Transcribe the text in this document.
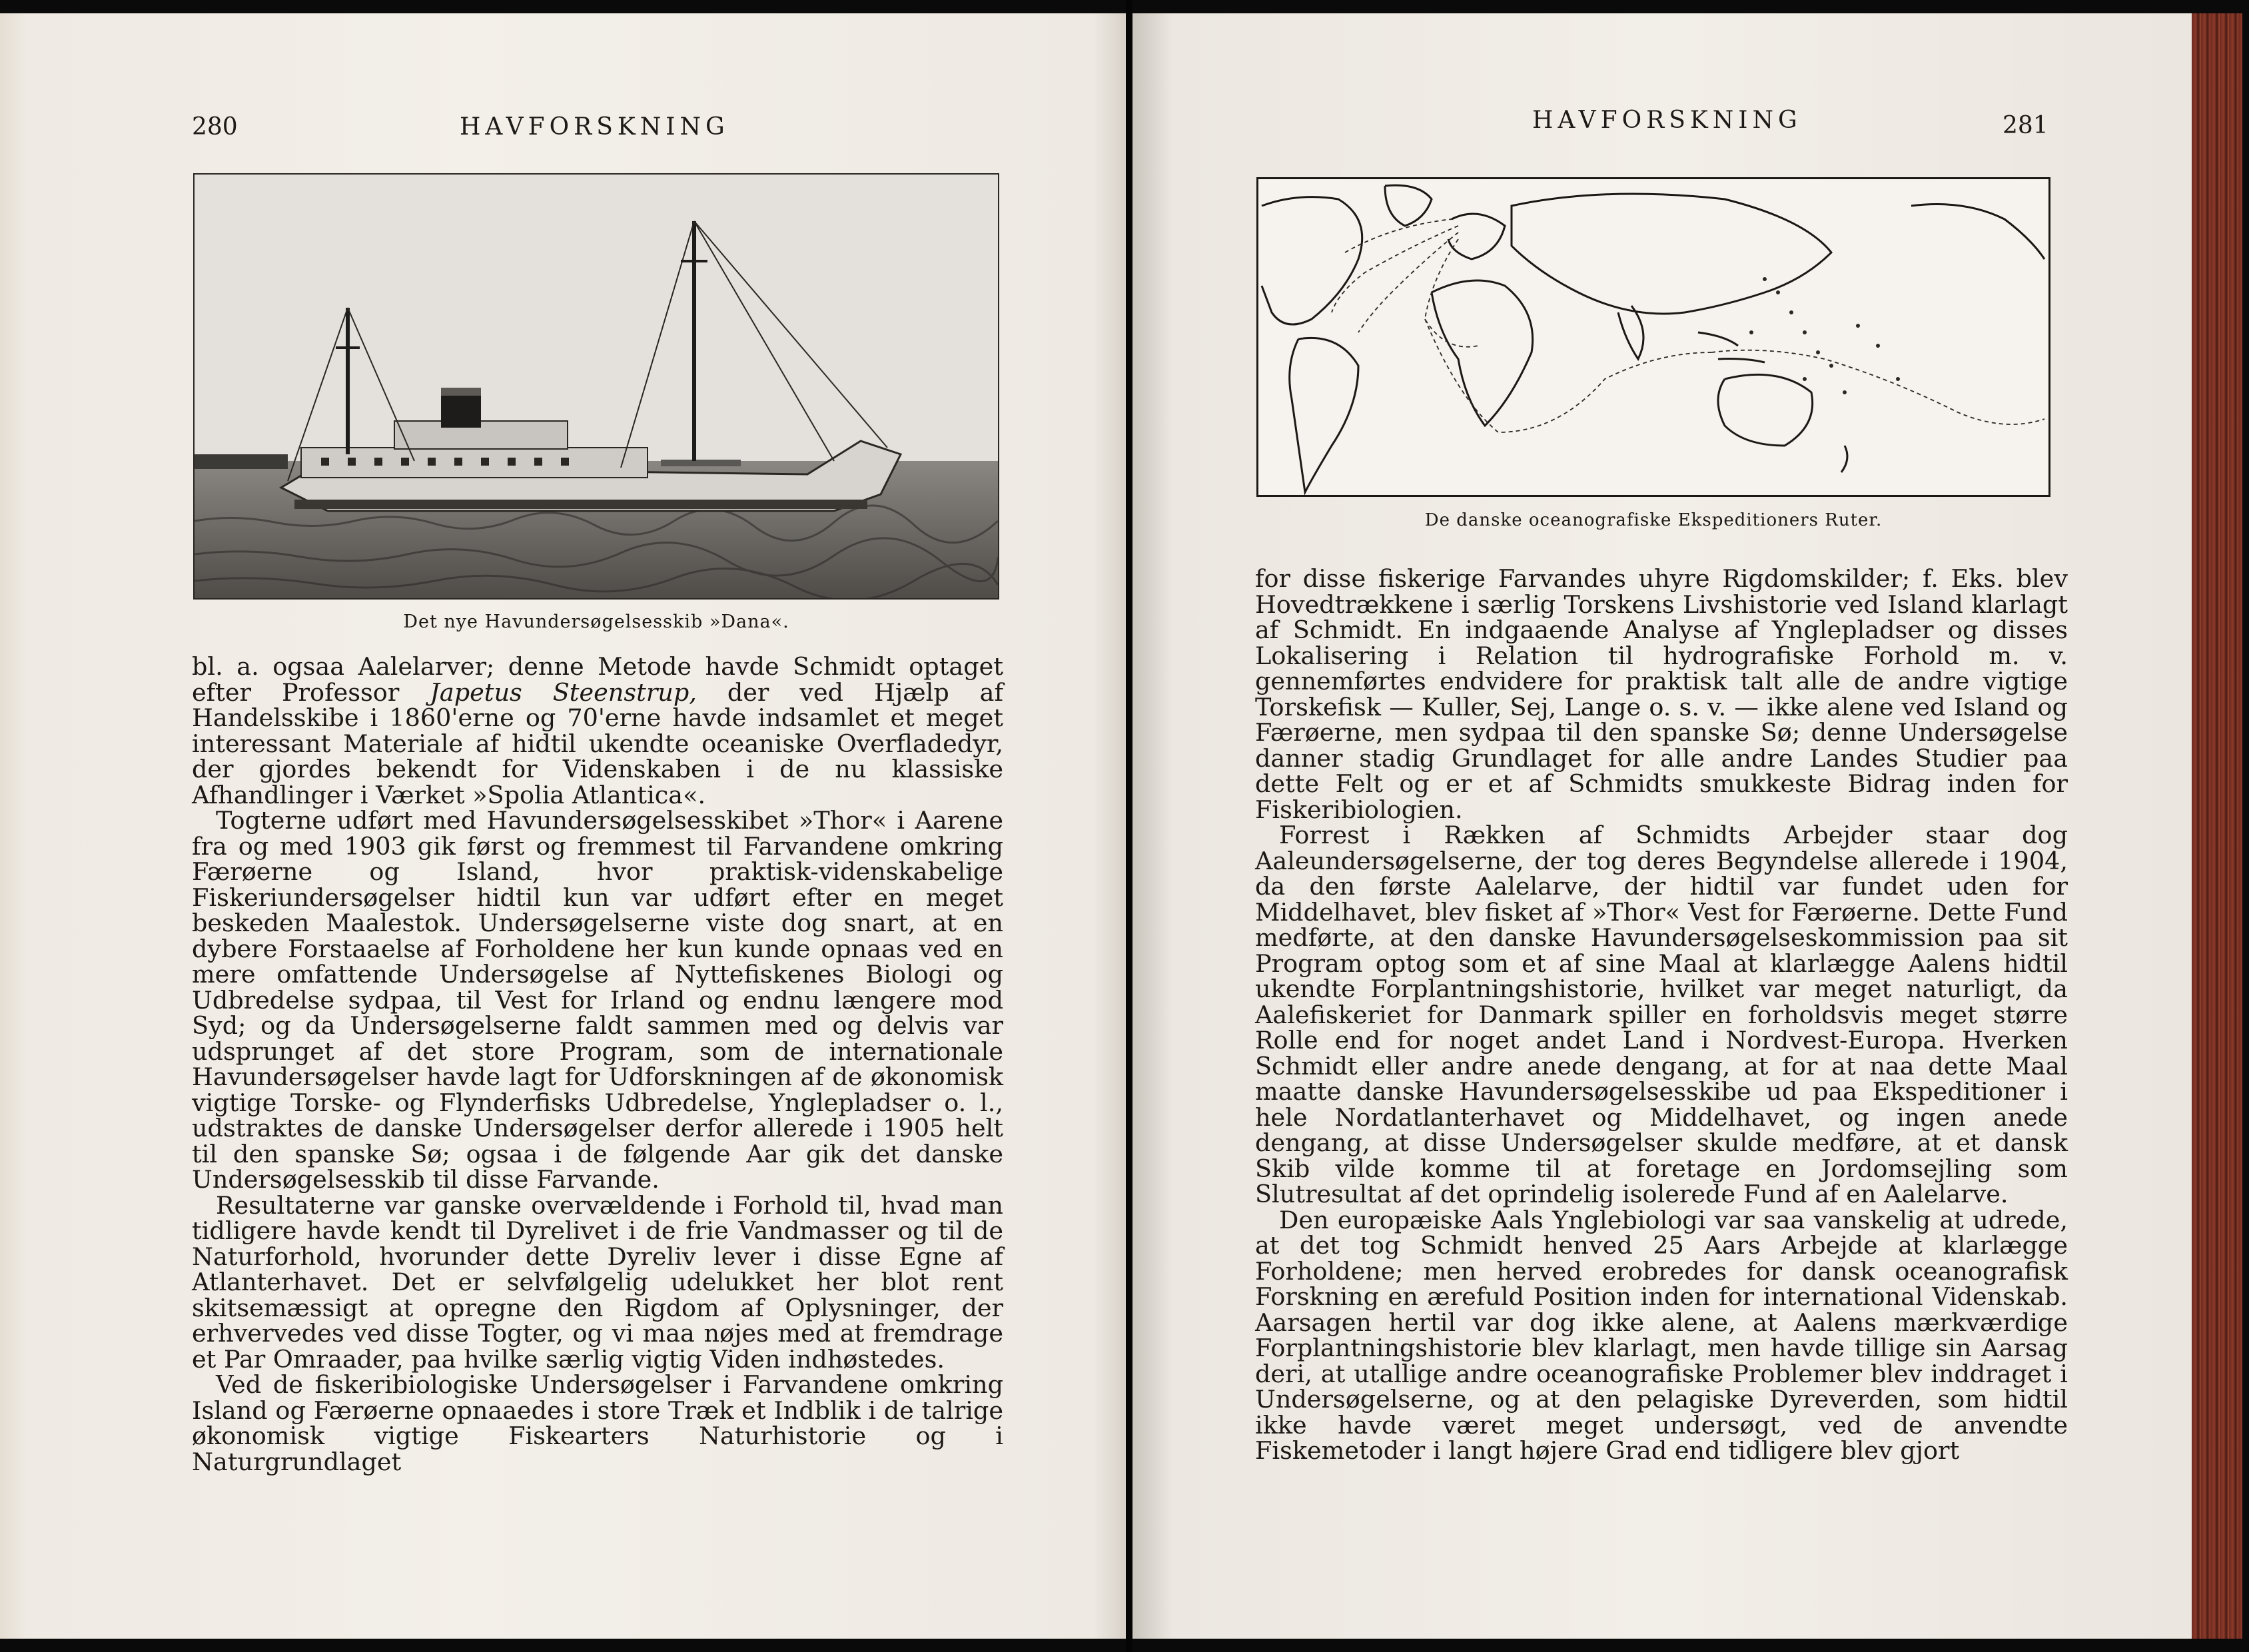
280	HAVFORSKNING
Det nye Havundersøgelsesskib »Dana«.

bl. a. ogsaa Aalelarver; denne Metode havde Schmidt optaget efter Professor Japetus Steenstrup, der ved Hjælp af Handelsskibe i 1860'erne og 70'erne havde indsamlet et meget interessant Materiale af hidtil ukendte oceaniske Overfladedyr, der gjordes bekendt for Videnskaben i de nu klassiske Afhandlinger i Værket »Spolia Atlantica«.

Togterne udført med Havundersøgelsesskibet »Thor« i Aarene fra og med 1903 gik først og fremmest til Farvandene omkring Færøerne og Island, hvor praktisk-videnskabelige Fiskeriundersøgelser hidtil kun var udført efter en meget beskeden Maalestok. Undersøgelserne viste dog snart, at en dybere Forstaaelse af Forholdene her kun kunde opnaas ved en mere omfattende Undersøgelse af Nyttefiskenes Biologi og Udbredelse sydpaa, til Vest for Irland og endnu længere mod Syd; og da Undersøgelserne faldt sammen med og delvis var udsprunget af det store Program, som de internationale Havundersøgelser havde lagt for Udforskningen af de økonomisk vigtige Torske- og Flynderfisks Udbredelse, Ynglepladser o. l., udstraktes de danske Undersøgelser derfor allerede i 1905 helt til den spanske Sø; ogsaa i de følgende Aar gik det danske Undersøgelsesskib til disse Farvande.

Resultaterne var ganske overvældende i Forhold til, hvad man tidligere havde kendt til Dyrelivet i de frie Vandmasser og til de Naturforhold, hvorunder dette Dyreliv lever i disse Egne af Atlanterhavet. Det er selvfølgelig udelukket her blot rent skitsemæssigt at opregne den Rigdom af Oplysninger, der erhvervedes ved disse Togter, og vi maa nøjes med at fremdrage et Par Omraader, paa hvilke særlig vigtig Viden indhøstedes.

Ved de fiskeribiologiske Undersøgelser i Farvandene omkring Island og Færøerne opnaaedes i store Træk et Indblik i de talrige økonomisk vigtige Fiskearters Naturhistorie og i Naturgrundlaget

HAVFORSKNING	281
De danske oceanografiske Ekspeditioners Ruter.

for disse fiskerige Farvandes uhyre Rigdomskilder; f. Eks. blev Hovedtrækkene i særlig Torskens Livshistorie ved Island klarlagt af Schmidt. En indgaaende Analyse af Ynglepladser og disses Lokalisering i Relation til hydrografiske Forhold m. v. gennemførtes endvidere for praktisk talt alle de andre vigtige Torskefisk — Kuller, Sej, Lange o. s. v. — ikke alene ved Island og Færøerne, men sydpaa til den spanske Sø; denne Undersøgelse danner stadig Grundlaget for alle andre Landes Studier paa dette Felt og er et af Schmidts smukkeste Bidrag inden for Fiskeribiologien.

Forrest i Rækken af Schmidts Arbejder staar dog Aaleundersøgelserne, der tog deres Begyndelse allerede i 1904, da den første Aalelarve, der hidtil var fundet uden for Middelhavet, blev fisket af »Thor« Vest for Færøerne. Dette Fund medførte, at den danske Havundersøgelseskommission paa sit Program optog som et af sine Maal at klarlægge Aalens hidtil ukendte Forplantningshistorie, hvilket var meget naturligt, da Aalefiskeriet for Danmark spiller en forholdsvis meget større Rolle end for noget andet Land i Nordvest-Europa. Hverken Schmidt eller andre anede dengang, at for at naa dette Maal maatte danske Havundersøgelsesskibe ud paa Ekspeditioner i hele Nordatlanterhavet og Middelhavet, og ingen anede dengang, at disse Undersøgelser skulde medføre, at et dansk Skib vilde komme til at foretage en Jordomsejling som Slutresultat af det oprindelig isolerede Fund af en Aalelarve.

Den europæiske Aals Ynglebiologi var saa vanskelig at udrede, at det tog Schmidt henved 25 Aars Arbejde at klarlægge Forholdene; men herved erobredes for dansk oceanografisk Forskning en ærefuld Position inden for international Videnskab. Aarsagen hertil var dog ikke alene, at Aalens mærkværdige Forplantningshistorie blev klarlagt, men havde tillige sin Aarsag deri, at utallige andre oceanografiske Problemer blev inddraget i Undersøgelserne, og at den pelagiske Dyreverden, som hidtil ikke havde været meget undersøgt, ved de anvendte Fiskemetoder i langt højere Grad end tidligere blev gjort
